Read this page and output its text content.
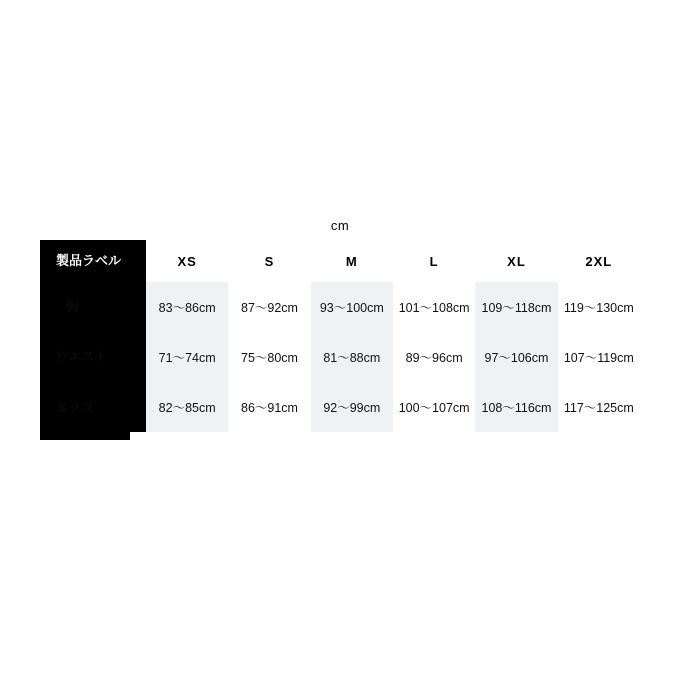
cm
製品ラベル	XS	S	M	L	XL	2XL
胸	83〜86cm	87〜92cm	93〜100cm	101〜108cm	109〜118cm	119〜130cm
ウエスト	71〜74cm	75〜80cm	81〜88cm	89〜96cm	97〜106cm	107〜119cm
ヒップ	82〜85cm	86〜91cm	92〜99cm	100〜107cm	108〜116cm	117〜125cm
